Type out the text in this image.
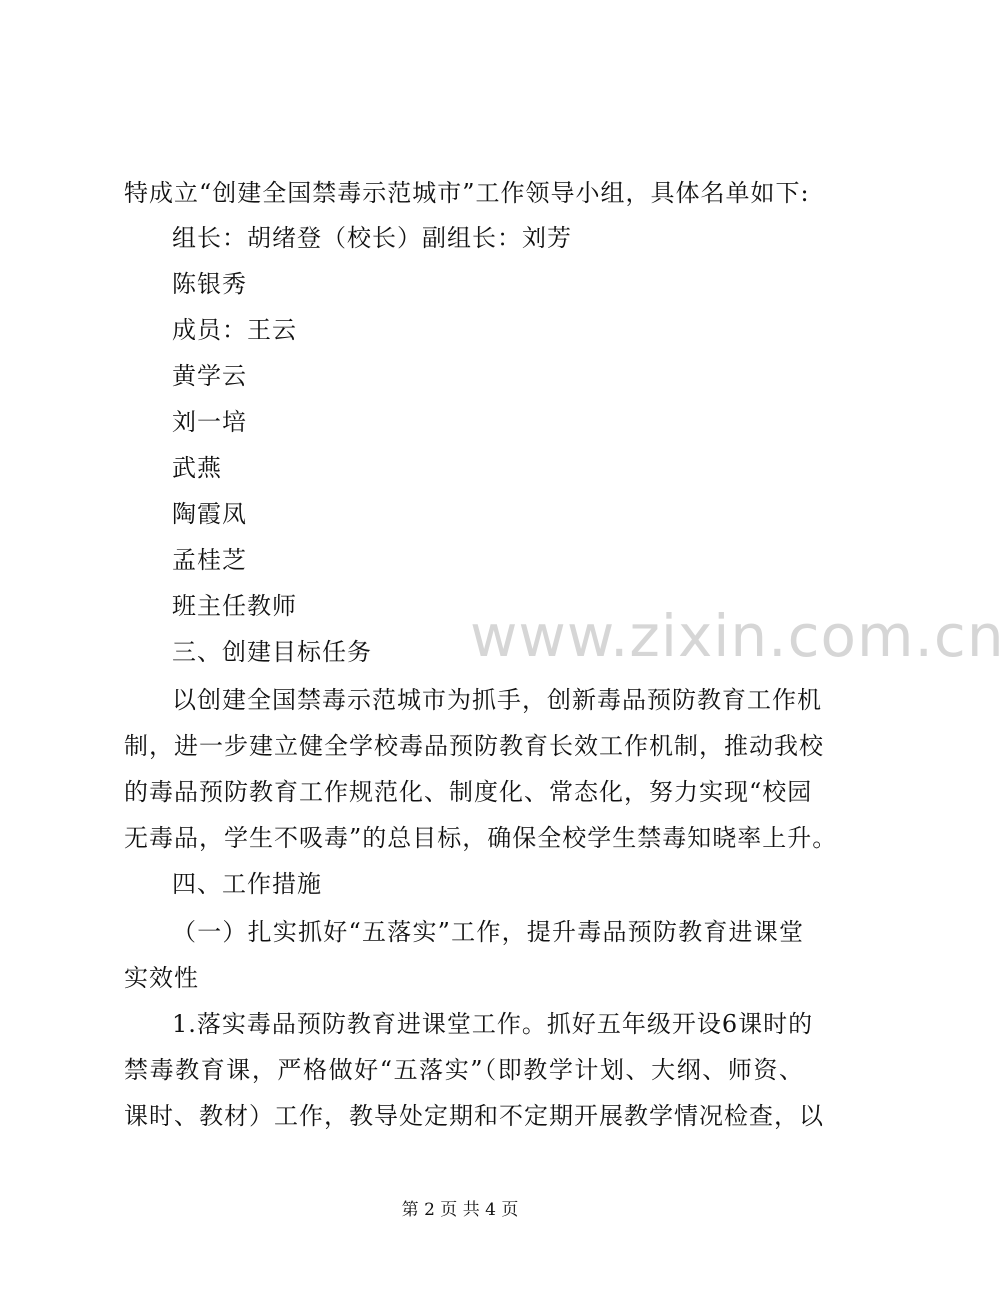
特成立“创建全国禁毒示范城市”工作领导小组，具体名单如下:
组长：胡绪登（校长）副组长：刘芳
陈银秀
成员：王云
黄学云
刘一培
武燕
陶霞凤
孟桂芝
班主任教师
三、创建目标任务
以创建全国禁毒示范城市为抓手，创新毒品预防教育工作机
制，进一步建立健全学校毒品预防教育长效工作机制，推动我校
的毒品预防教育工作规范化、制度化、常态化，努力实现“校园
无毒品，学生不吸毒”的总目标，确保全校学生禁毒知晓率上升。
四、工作措施
（一）扎实抓好“五落实”工作，提升毒品预防教育进课堂
实效性
1.落实毒品预防教育进课堂工作。抓好五年级开设6课时的
禁毒教育课，严格做好“五落实”（即教学计划、大纲、师资、
课时、教材）工作，教导处定期和不定期开展教学情况检查，以
www.zixin.com.cn
第 2 页 共 4 页
